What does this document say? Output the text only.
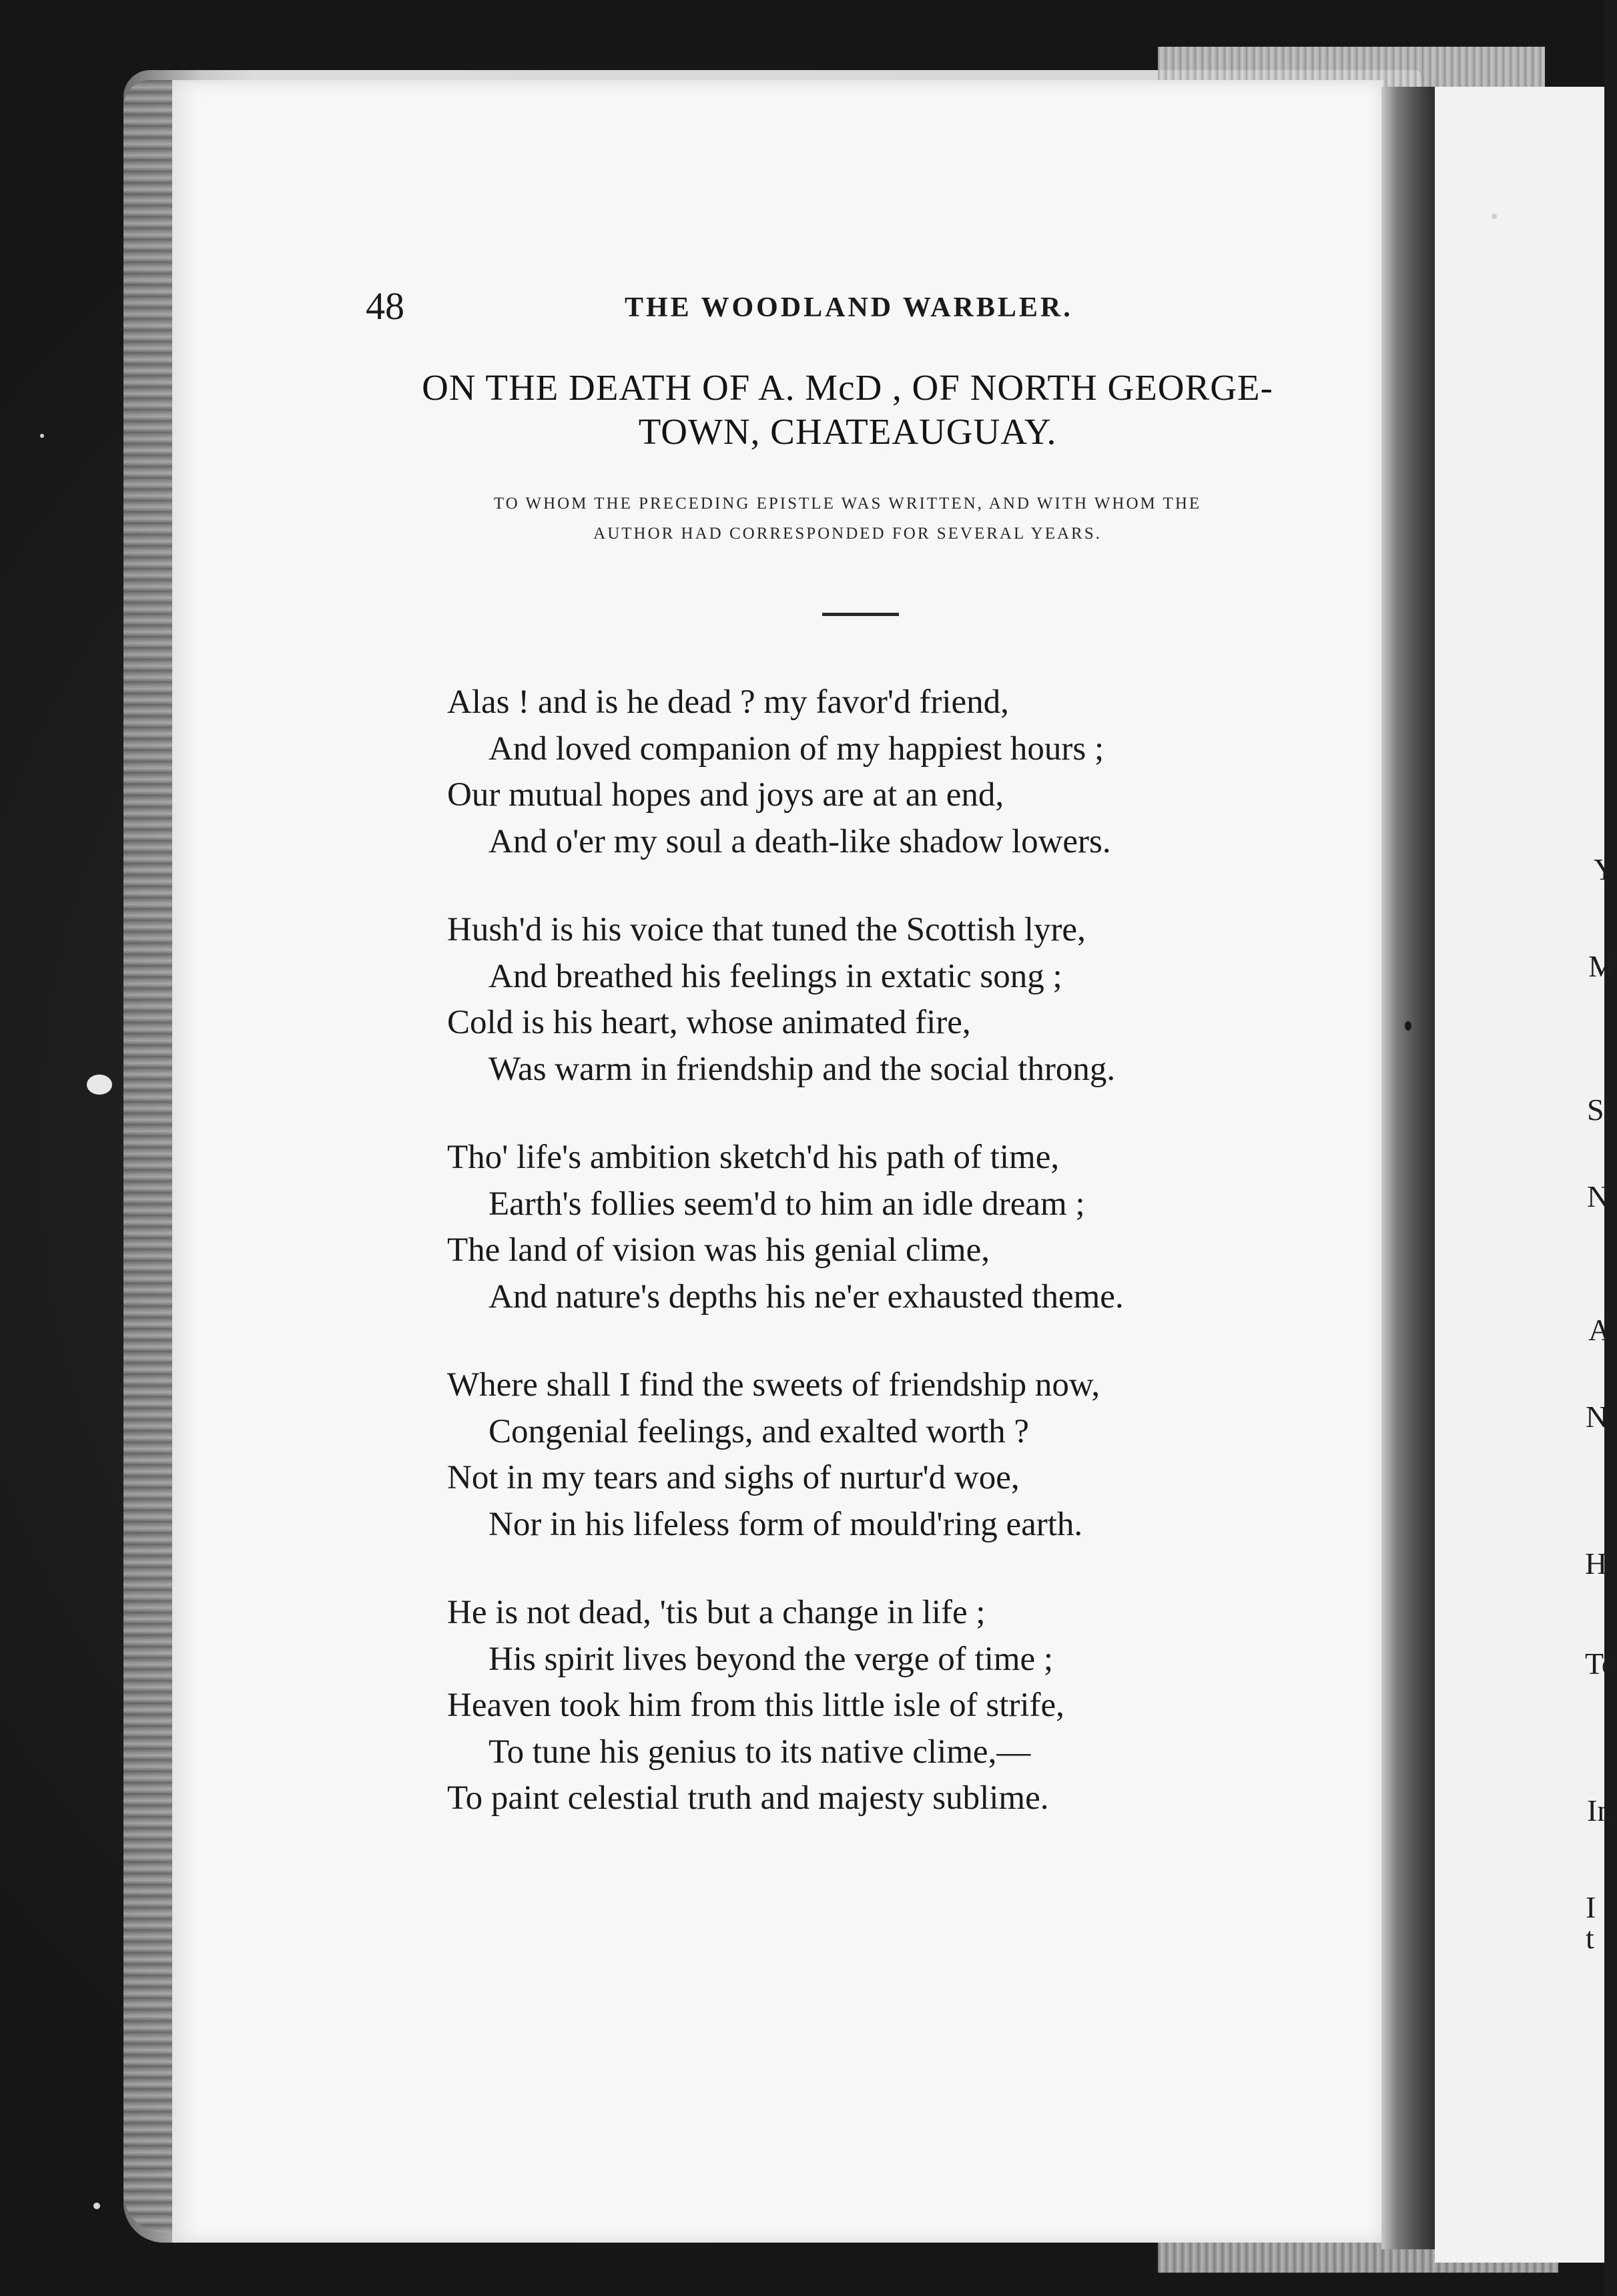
Y
M
S
N
A
N
H
To
In
I t
48	THE WOODLAND WARBLER.
ON THE DEATH OF A. McD , OF NORTH GEORGE-
TOWN, CHATEAUGUAY.
TO WHOM THE PRECEDING EPISTLE WAS WRITTEN, AND WITH WHOM THE
AUTHOR HAD CORRESPONDED FOR SEVERAL YEARS.
Alas ! and is he dead ? my favor'd friend,
And loved companion of my happiest hours ;
Our mutual hopes and joys are at an end,
And o'er my soul a death-like shadow lowers.
Hush'd is his voice that tuned the Scottish lyre,
And breathed his feelings in extatic song ;
Cold is his heart, whose animated fire,
Was warm in friendship and the social throng.
Tho' life's ambition sketch'd his path of time,
Earth's follies seem'd to him an idle dream ;
The land of vision was his genial clime,
And nature's depths his ne'er exhausted theme.
Where shall I find the sweets of friendship now,
Congenial feelings, and exalted worth ?
Not in my tears and sighs of nurtur'd woe,
Nor in his lifeless form of mould'ring earth.
He is not dead, 'tis but a change in life ;
His spirit lives beyond the verge of time ;
Heaven took him from this little isle of strife,
To tune his genius to its native clime,—
To paint celestial truth and majesty sublime.
